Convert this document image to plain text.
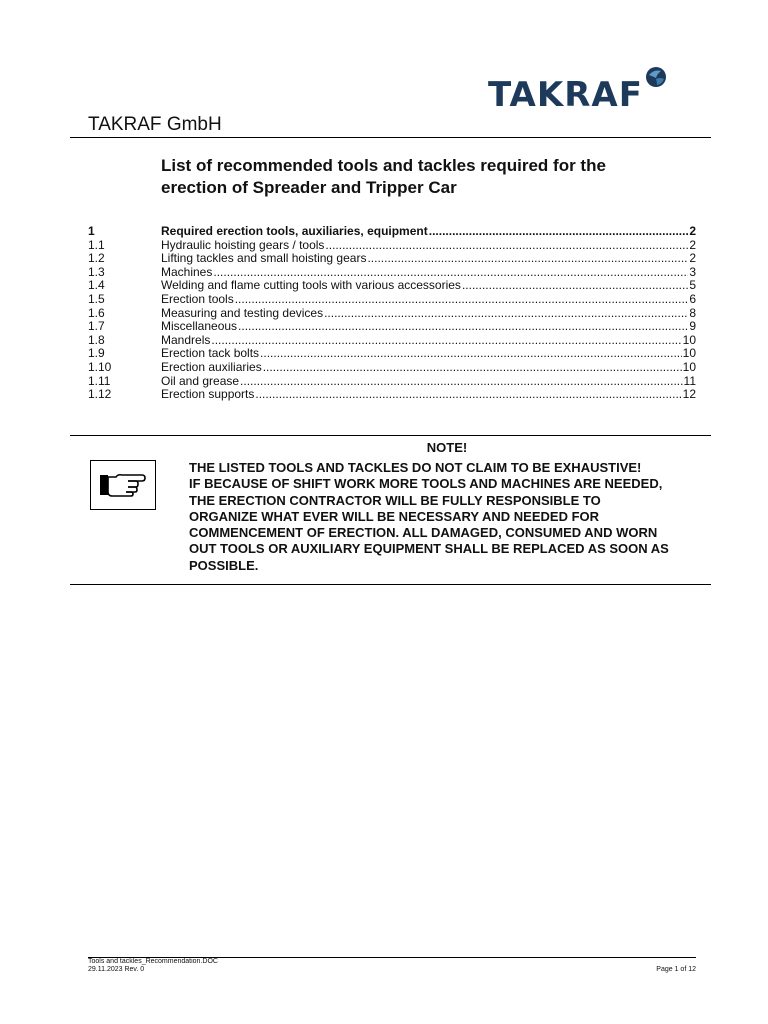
TAKRAF
TAKRAF GmbH
List of recommended tools and tackles required for the
erection of Spreader and Tripper Car
1	Required erection tools, auxiliaries, equipment .....	2
1.1	Hydraulic hoisting gears / tools .....	2
1.2	Lifting tackles and small hoisting gears .....	2
1.3	Machines .....	3
1.4	Welding and flame cutting tools with various accessories .....	5
1.5	Erection tools .....	6
1.6	Measuring and testing devices .....	8
1.7	Miscellaneous .....	9
1.8	Mandrels .....	10
1.9	Erection tack bolts .....	10
1.10	Erection auxiliaries .....	10
1.11	Oil and grease .....	11
1.12	Erection supports .....	12
NOTE!
THE LISTED TOOLS AND TACKLES DO NOT CLAIM TO BE EXHAUSTIVE!
IF BECAUSE OF SHIFT WORK MORE TOOLS AND MACHINES ARE NEEDED,
THE ERECTION CONTRACTOR WILL BE FULLY RESPONSIBLE TO
ORGANIZE WHAT EVER WILL BE NECESSARY AND NEEDED FOR
COMMENCEMENT OF ERECTION. ALL DAMAGED, CONSUMED AND WORN
OUT TOOLS OR AUXILIARY EQUIPMENT SHALL BE REPLACED AS SOON AS
POSSIBLE.
Tools and tackles_Recommendation.DOC
29.11.2023 Rev. 0	Page 1 of 12
